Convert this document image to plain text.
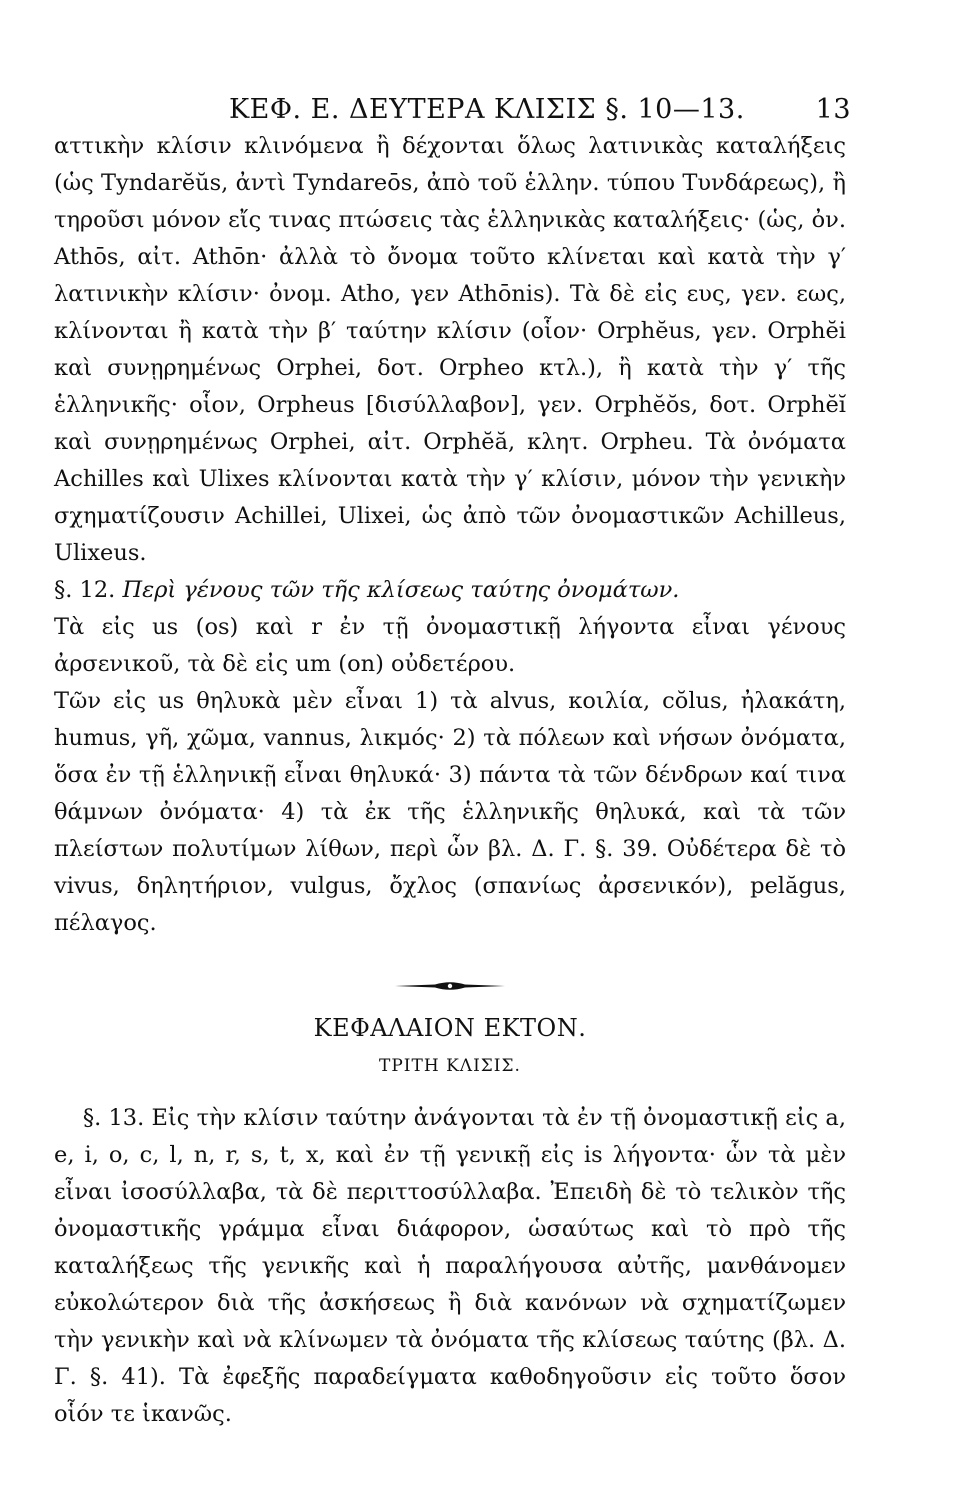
ΚΕΦ. Ε. ΔΕΥΤΕΡΑ ΚΛΙΣΙΣ §. 10—13.	13

αττικὴν κλίσιν κλινόμενα ἢ δέχονται ὅλως λατινικὰς καταλήξεις (ὡς Tyndarĕŭs, ἀντὶ Tyndareōs, ἀπὸ τοῦ ἑλλην. τύπου Τυνδάρεως), ἢ τηροῦσι μόνον εἴς τινας πτώσεις τὰς ἑλληνικὰς καταλήξεις· (ὡς, ὀν. Athōs, αἰτ. Athōn· ἀλλὰ τὸ ὄνομα τοῦτο κλίνεται καὶ κατὰ τὴν γ′ λατινικὴν κλίσιν· ὀνομ. Atho, γεν Athōnis). Τὰ δὲ εἰς ευς, γεν. εως, κλίνονται ἢ κατὰ τὴν β′ ταύτην κλίσιν (οἷον· Orphĕus, γεν. Orphĕi καὶ συνῃρημένως Orphei, δοτ. Orpheo κτλ.), ἢ κατὰ τὴν γ′ τῆς ἑλληνικῆς· οἷον, Orpheus [δισύλλαβον], γεν. Orphĕŏs, δοτ. Orphĕĭ καὶ συνῃρημένως Orphei, αἰτ. Orphĕă, κλητ. Orpheu. Τὰ ὀνόματα Achilles καὶ Ulixes κλίνονται κατὰ τὴν γ′ κλίσιν, μόνον τὴν γενικὴν σχηματίζουσιν Achillei, Ulixei, ὡς ἀπὸ τῶν ὀνομαστικῶν Achilleus, Ulixeus.

§. 12. Περὶ γένους τῶν τῆς κλίσεως ταύτης ὀνομάτων.

Τὰ εἰς us (os) καὶ r ἐν τῇ ὀνομαστικῇ λήγοντα εἶναι γένους ἀρσενικοῦ, τὰ δὲ εἰς um (on) οὐδετέρου.

Τῶν εἰς us θηλυκὰ μὲν εἶναι 1) τὰ alvus, κοιλία, cŏlus, ἠλακάτη, humus, γῆ, χῶμα, vannus, λικμός· 2) τὰ πόλεων καὶ νήσων ὀνόματα, ὅσα ἐν τῇ ἑλληνικῇ εἶναι θηλυκά· 3) πάντα τὰ τῶν δένδρων καί τινα θάμνων ὀνόματα· 4) τὰ ἐκ τῆς ἑλληνικῆς θηλυκά, καὶ τὰ τῶν πλείστων πολυτίμων λίθων, περὶ ὧν βλ. Δ. Γ. §. 39. Οὐδέτερα δὲ τὸ vivus, δηλητήριον, vulgus, ὄχλος (σπανίως ἀρσενικόν), pelăgus, πέλαγος.

ΚΕΦΑΛΑΙΟΝ ΕΚΤΟΝ.

ΤΡΙΤΗ ΚΛΙΣΙΣ.

§. 13. Εἰς τὴν κλίσιν ταύτην ἀνάγονται τὰ ἐν τῇ ὀνομαστικῇ εἰς a, e, i, o, c, l, n, r, s, t, x, καὶ ἐν τῇ γενικῇ εἰς is λήγοντα· ὧν τὰ μὲν εἶναι ἰσοσύλλαβα, τὰ δὲ περιττοσύλλαβα. Ἐπειδὴ δὲ τὸ τελικὸν τῆς ὀνομαστικῆς γράμμα εἶναι διάφορον, ὡσαύτως καὶ τὸ πρὸ τῆς καταλήξεως τῆς γενικῆς καὶ ἡ παραλήγουσα αὐτῆς, μανθάνομεν εὐκολώτερον διὰ τῆς ἀσκήσεως ἢ διὰ κανόνων νὰ σχηματίζωμεν τὴν γενικὴν καὶ νὰ κλίνωμεν τὰ ὀνόματα τῆς κλίσεως ταύτης (βλ. Δ. Γ. §. 41). Τὰ ἐφεξῆς παραδείγματα καθοδηγοῦσιν εἰς τοῦτο ὅσον οἷόν τε ἱκανῶς.
